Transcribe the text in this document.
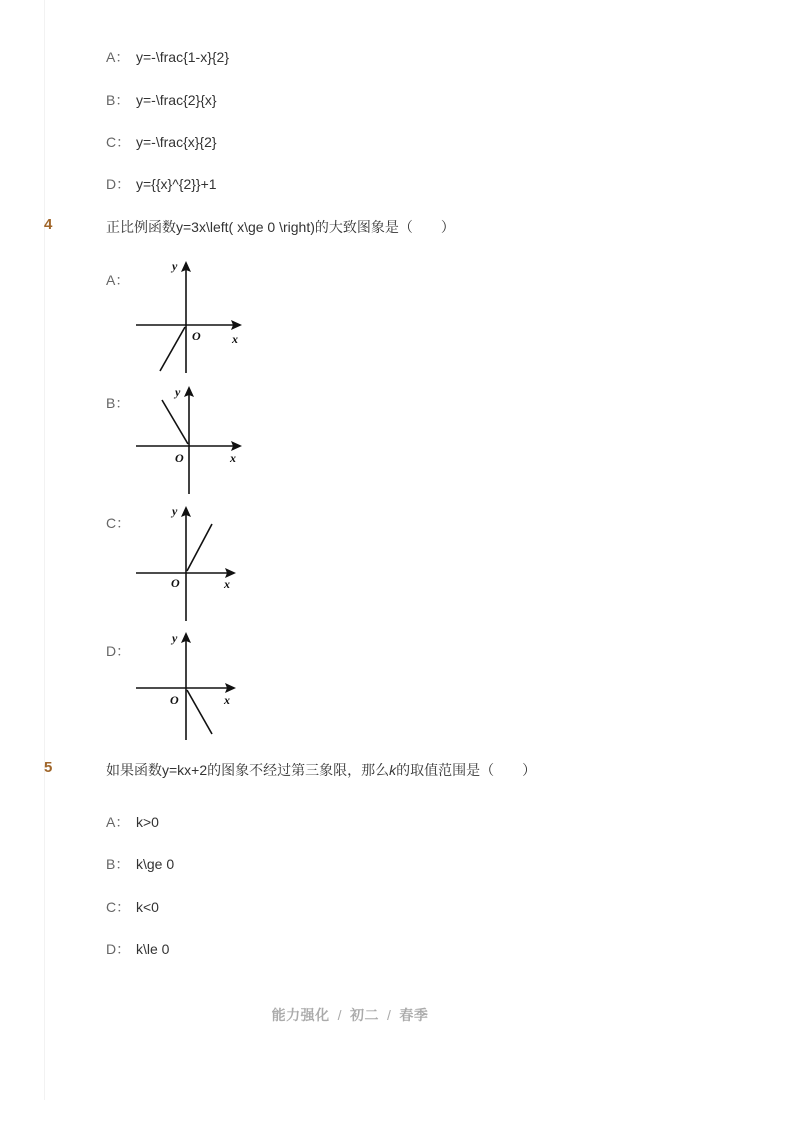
A： y=-\frac{1-x}{2}
B： y=-\frac{2}{x}
C： y=-\frac{x}{2}
D： y={{x}^{2}}+1
4	正比例函数y=3x\left( x\ge 0 \right)的大致图象是（　　）
A：
y
O	x
B：
y
O	x
C：
y
O	x
D：
y
O	x
5	如果函数y=kx+2的图象不经过第三象限，那么k的取值范围是（　　）
A： k>0
B： k\ge 0
C： k<0
D： k\le 0
能力强化 / 初二 / 春季
